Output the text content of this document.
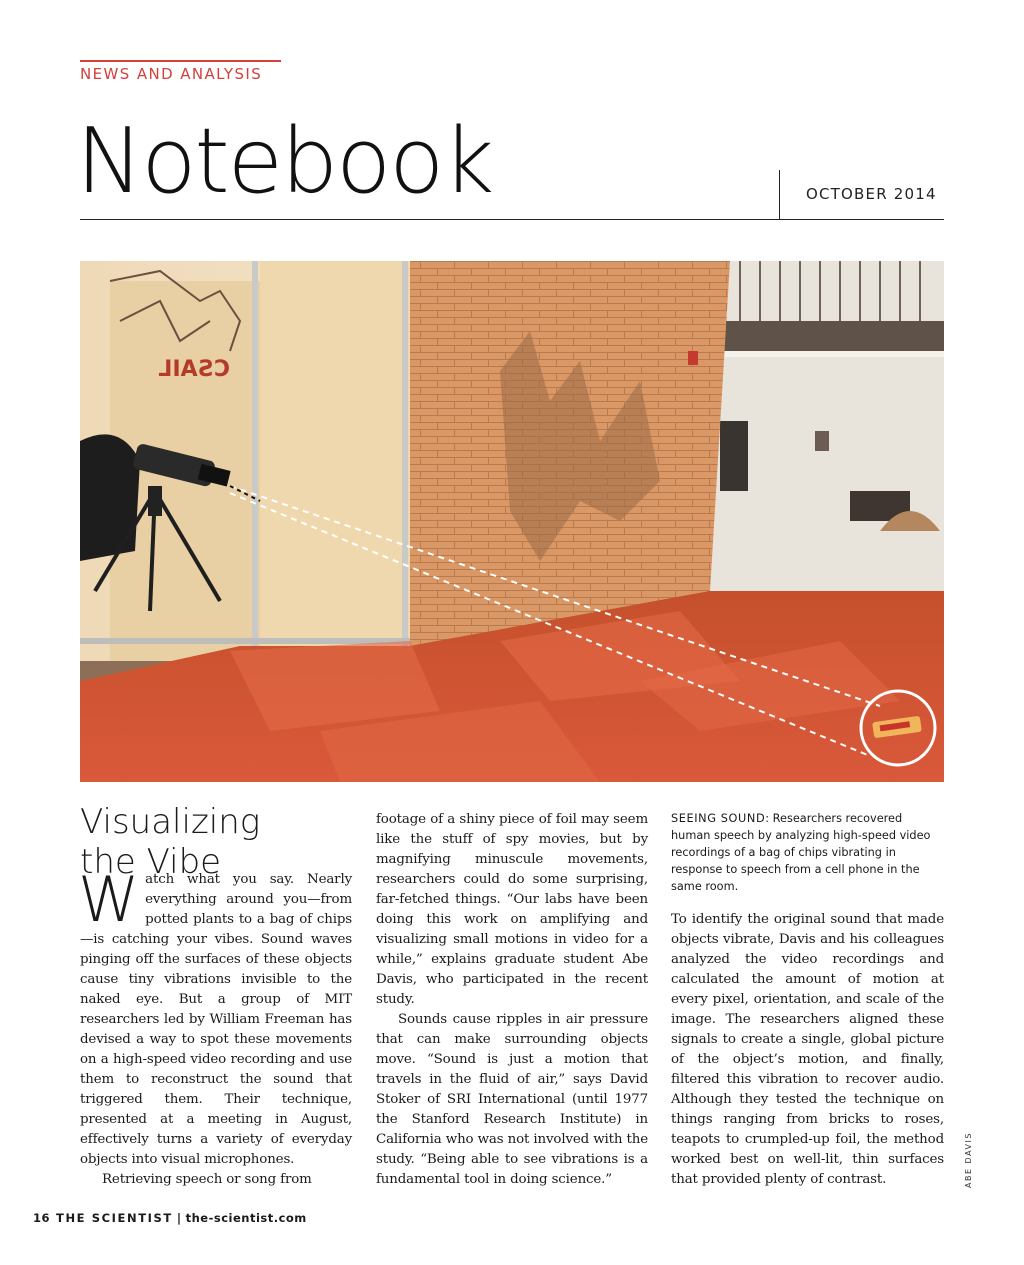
NEWS AND ANALYSIS
Notebook	OCTOBER 2014
CSAIL
Visualizing the Vibe

Watch what you say. Nearly everything around you—from potted plants to a bag of chips—is catching your vibes. Sound waves pinging off the surfaces of these objects cause tiny vibrations invisible to the naked eye. But a group of MIT researchers led by William Freeman has devised a way to spot these movements on a high-speed video recording and use them to reconstruct the sound that triggered them. Their technique, presented at a meeting in August, effectively turns a variety of everyday objects into visual microphones.

Retrieving speech or song from

footage of a shiny piece of foil may seem like the stuff of spy movies, but by magnifying minuscule movements, researchers could do some surprising, far-fetched things. “Our labs have been doing this work on amplifying and visualizing small motions in video for a while,” explains graduate student Abe Davis, who participated in the recent study.

Sounds cause ripples in air pressure that can make surrounding objects move. “Sound is just a motion that travels in the fluid of air,” says David Stoker of SRI International (until 1977 the Stanford Research Institute) in California who was not involved with the study. “Being able to see vibrations is a fundamental tool in doing science.”

SEEING SOUND: Researchers recovered human speech by analyzing high-speed video recordings of a bag of chips vibrating in response to speech from a cell phone in the same room.

To identify the original sound that made objects vibrate, Davis and his colleagues analyzed the video recordings and calculated the amount of motion at every pixel, orientation, and scale of the image. The researchers aligned these signals to create a single, global picture of the object’s motion, and finally, filtered this vibration to recover audio. Although they tested the technique on things ranging from bricks to roses, teapots to crumpled-up foil, the method worked best on well-lit, thin surfaces that provided plenty of contrast.	ABE DAVIS
16 THE SCIENTIST | the-scientist.com
